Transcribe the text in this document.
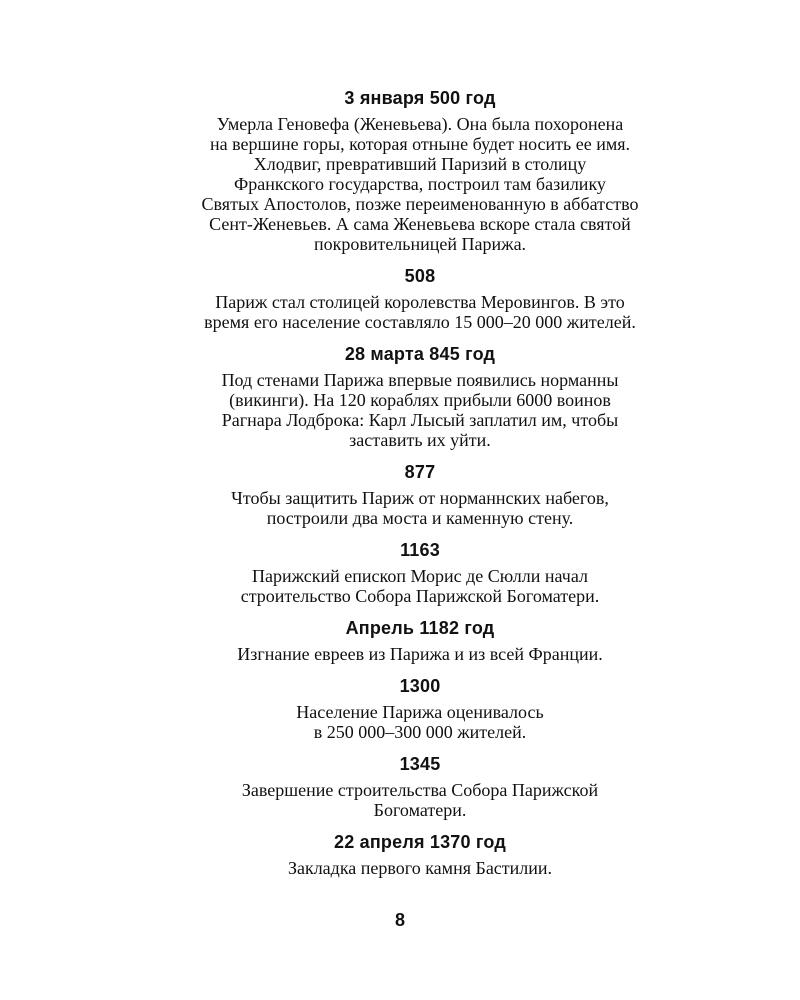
3 января 500 год

Умерла Геновефа (Женевьева). Она была похоронена
на вершине горы, которая отныне будет носить ее имя.
Хлодвиг, превративший Паризий в столицу
Франкского государства, построил там базилику
Святых Апостолов, позже переименованную в аббатство
Сент-Женевьев. А сама Женевьева вскоре стала святой
покровительницей Парижа.

508

Париж стал столицей королевства Меровингов. В это
время его население составляло 15 000–20 000 жителей.

28 марта 845 год

Под стенами Парижа впервые появились норманны
(викинги). На 120 кораблях прибыли 6000 воинов
Рагнара Лодброка: Карл Лысый заплатил им, чтобы
заставить их уйти.

877

Чтобы защитить Париж от норманнских набегов,
построили два моста и каменную стену.

1163

Парижский епископ Морис де Сюлли начал
строительство Собора Парижской Богоматери.

Апрель 1182 год

Изгнание евреев из Парижа и из всей Франции.

1300

Население Парижа оценивалось
в 250 000–300 000 жителей.

1345

Завершение строительства Собора Парижской
Богоматери.

22 апреля 1370 год

Закладка первого камня Бастилии.

8
